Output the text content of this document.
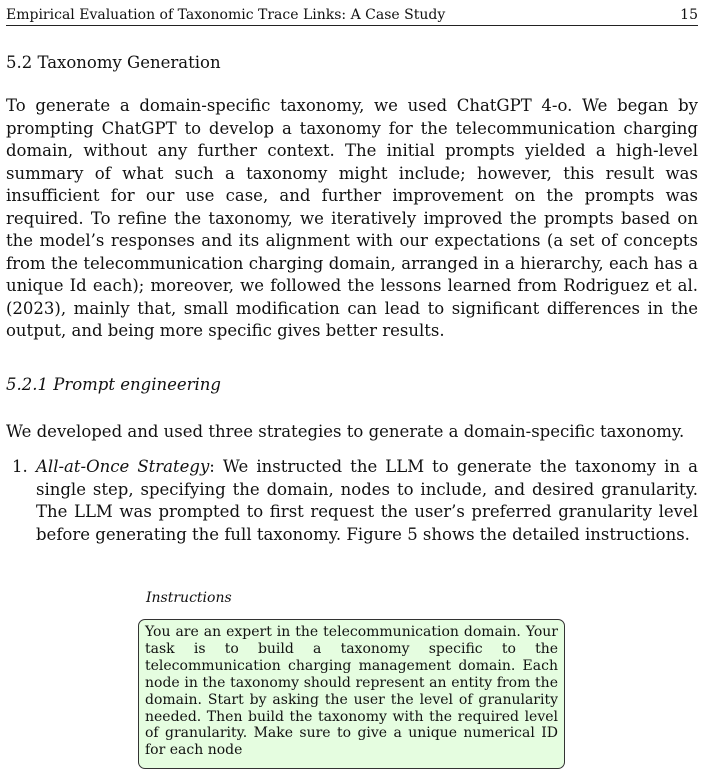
Empirical Evaluation of Taxonomic Trace Links: A Case Study	15
5.2 Taxonomy Generation
To generate a domain-specific taxonomy, we used ChatGPT 4-o. We began by prompting ChatGPT to develop a taxonomy for the telecommunication charging domain, without any further context. The initial prompts yielded a high-level summary of what such a taxonomy might include; however, this result was insufficient for our use case, and further improvement on the prompts was required. To refine the taxonomy, we iteratively improved the prompts based on the model’s responses and its alignment with our expectations (a set of concepts from the telecommunication charging domain, arranged in a hierarchy, each has a unique Id each); moreover, we followed the lessons learned from Rodriguez et al. (2023), mainly that, small modification can lead to significant differences in the output, and being more specific gives better results.
5.2.1 Prompt engineering
We developed and used three strategies to generate a domain-specific taxonomy.
1. All-at-Once Strategy: We instructed the LLM to generate the taxonomy in a single step, specifying the domain, nodes to include, and desired granularity. The LLM was prompted to first request the user’s preferred granularity level before generating the full taxonomy. Figure 5 shows the detailed instructions.
Instructions
You are an expert in the telecommunication domain. Your task is to build a taxonomy specific to the telecommunication charging management domain. Each node in the taxonomy should represent an entity from the domain. Start by asking the user the level of granularity needed. Then build the taxonomy with the required level of granularity. Make sure to give a unique numerical ID for each node
